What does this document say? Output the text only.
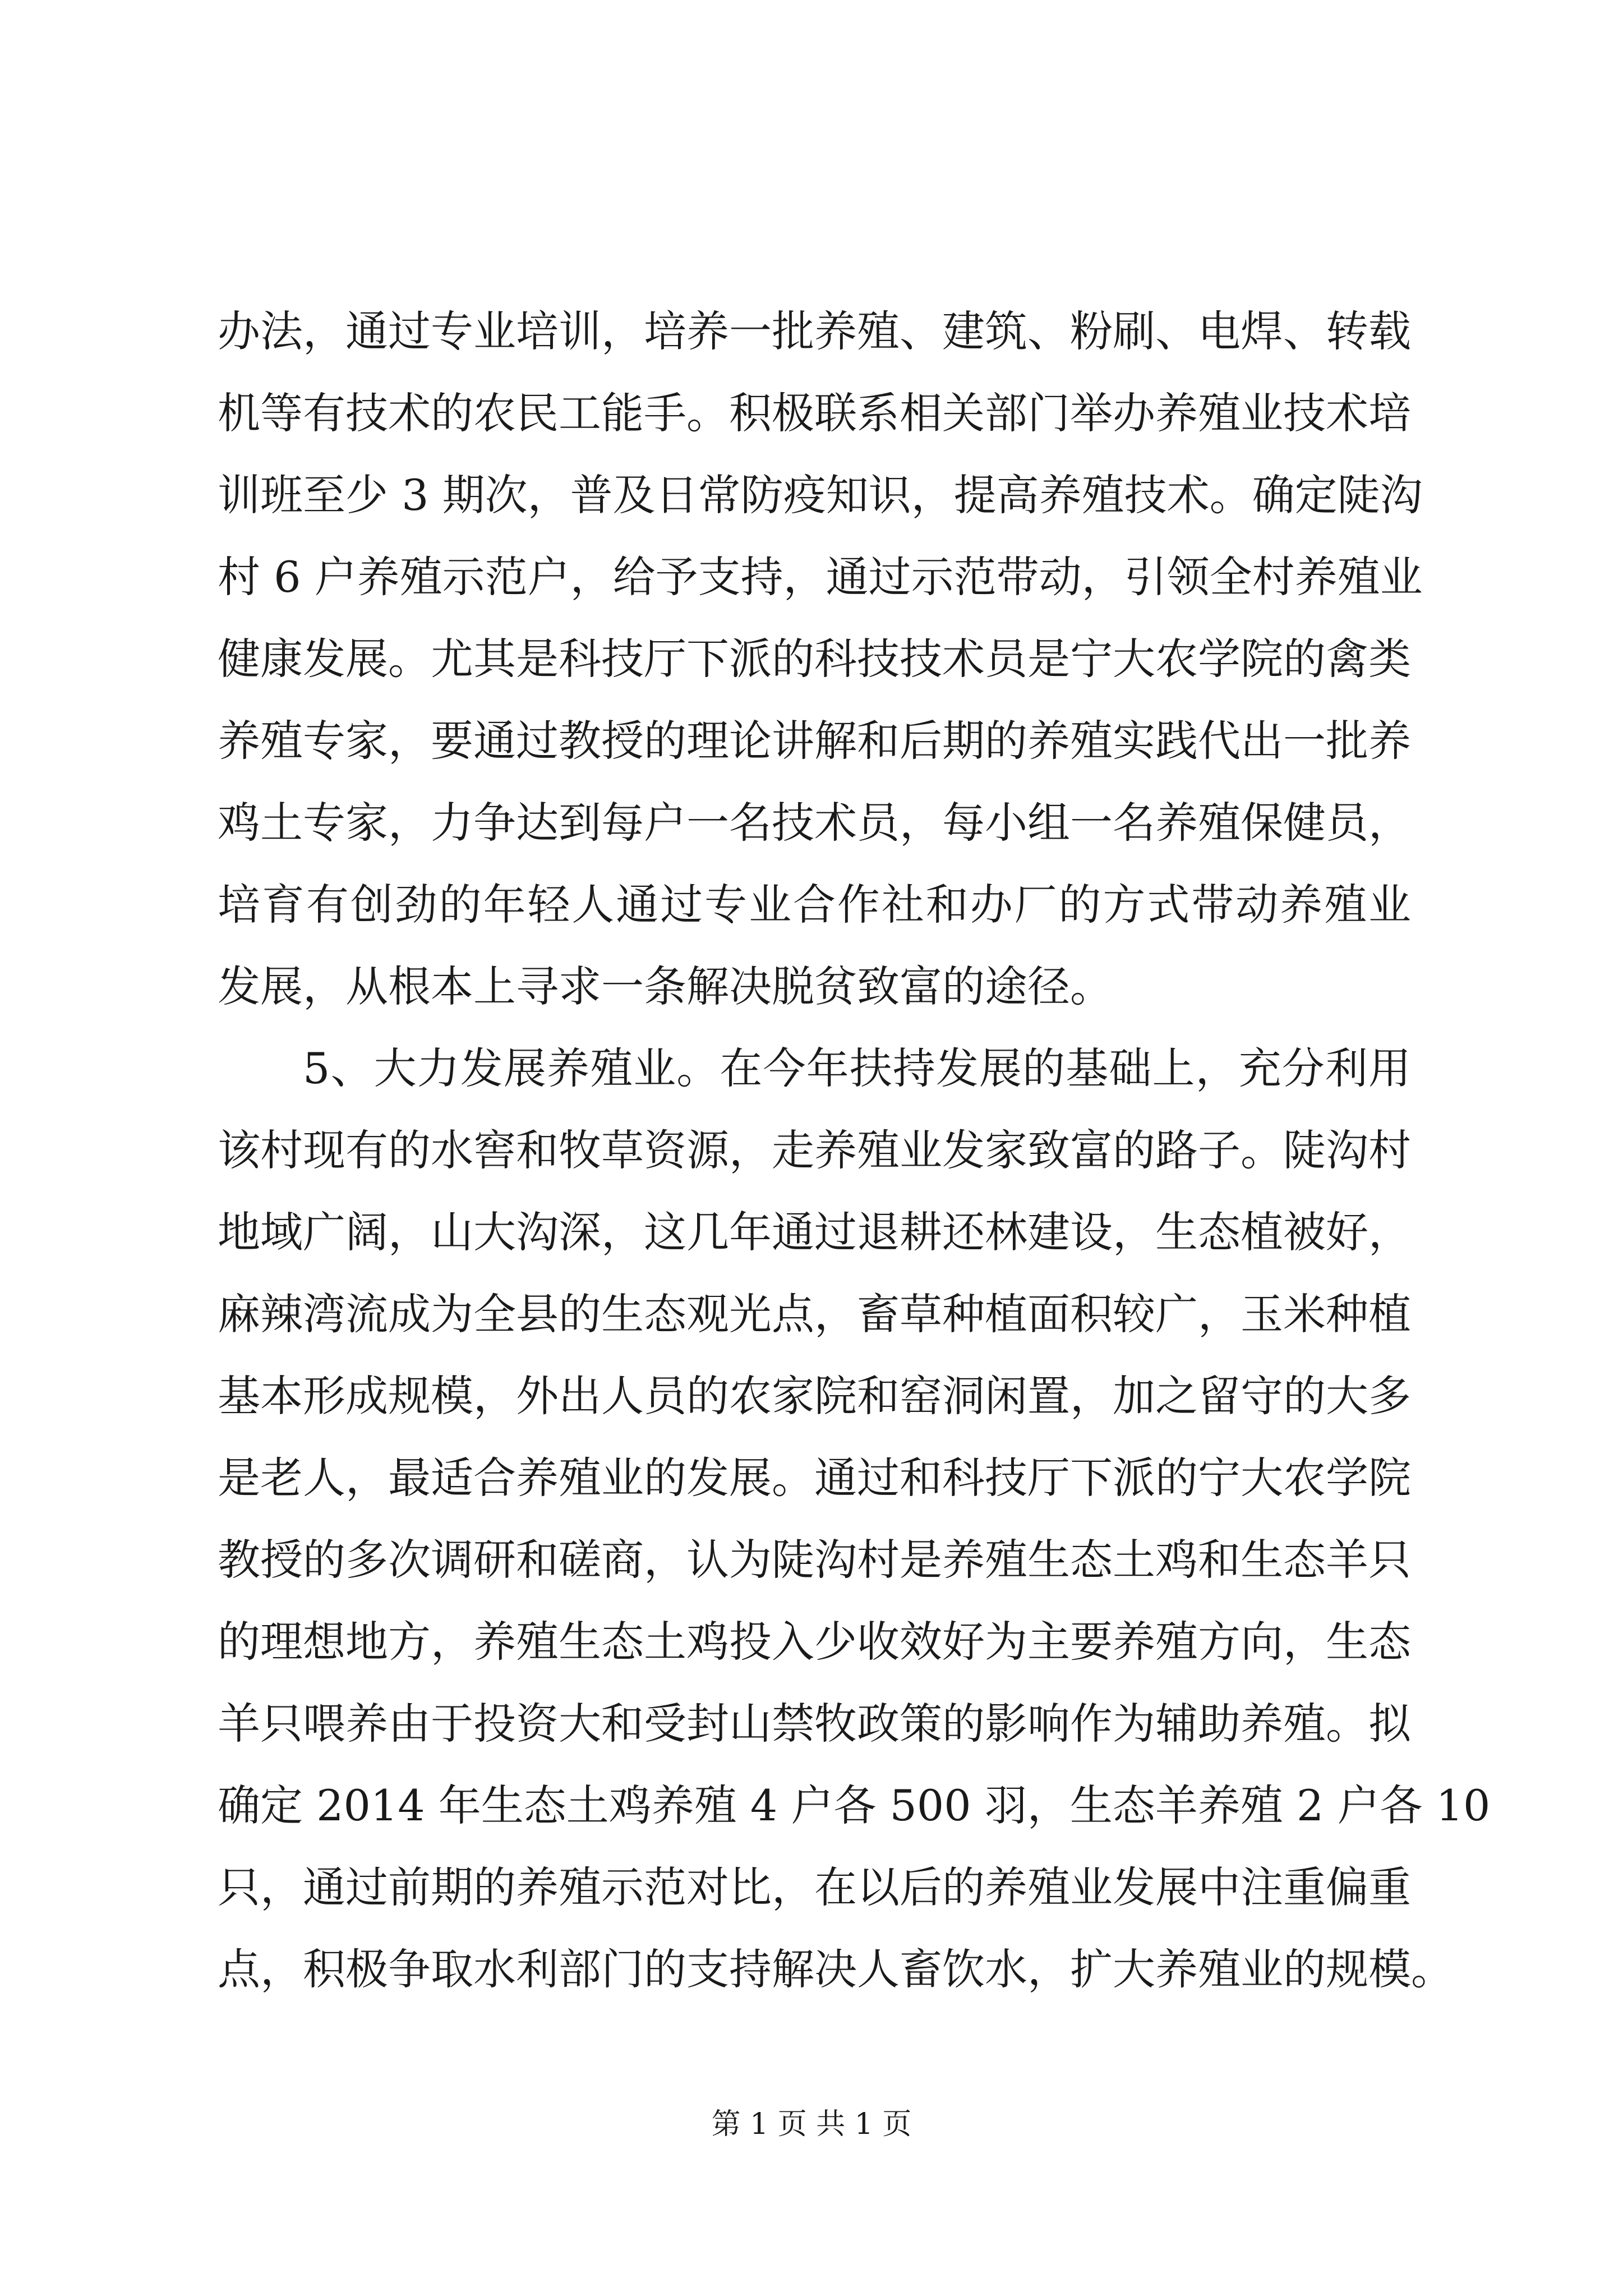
办法，通过专业培训，培养一批养殖、建筑、粉刷、电焊、转载
机等有技术的农民工能手。积极联系相关部门举办养殖业技术培
训班至少 3 期次，普及日常防疫知识，提高养殖技术。确定陡沟
村 6 户养殖示范户，给予支持，通过示范带动，引领全村养殖业
健康发展。尤其是科技厅下派的科技技术员是宁大农学院的禽类
养殖专家，要通过教授的理论讲解和后期的养殖实践代出一批养
鸡土专家，力争达到每户一名技术员，每小组一名养殖保健员，
培育有创劲的年轻人通过专业合作社和办厂的方式带动养殖业
发展，从根本上寻求一条解决脱贫致富的途径。
5、大力发展养殖业。在今年扶持发展的基础上，充分利用
该村现有的水窖和牧草资源，走养殖业发家致富的路子。陡沟村
地域广阔，山大沟深，这几年通过退耕还林建设，生态植被好，
麻辣湾流成为全县的生态观光点，畜草种植面积较广，玉米种植
基本形成规模，外出人员的农家院和窑洞闲置，加之留守的大多
是老人，最适合养殖业的发展。通过和科技厅下派的宁大农学院
教授的多次调研和磋商，认为陡沟村是养殖生态土鸡和生态羊只
的理想地方，养殖生态土鸡投入少收效好为主要养殖方向，生态
羊只喂养由于投资大和受封山禁牧政策的影响作为辅助养殖。拟
确定 2014 年生态土鸡养殖 4 户各 500 羽，生态羊养殖 2 户各 10
只，通过前期的养殖示范对比，在以后的养殖业发展中注重偏重
点，积极争取水利部门的支持解决人畜饮水，扩大养殖业的规模。
第 1 页 共 1 页
